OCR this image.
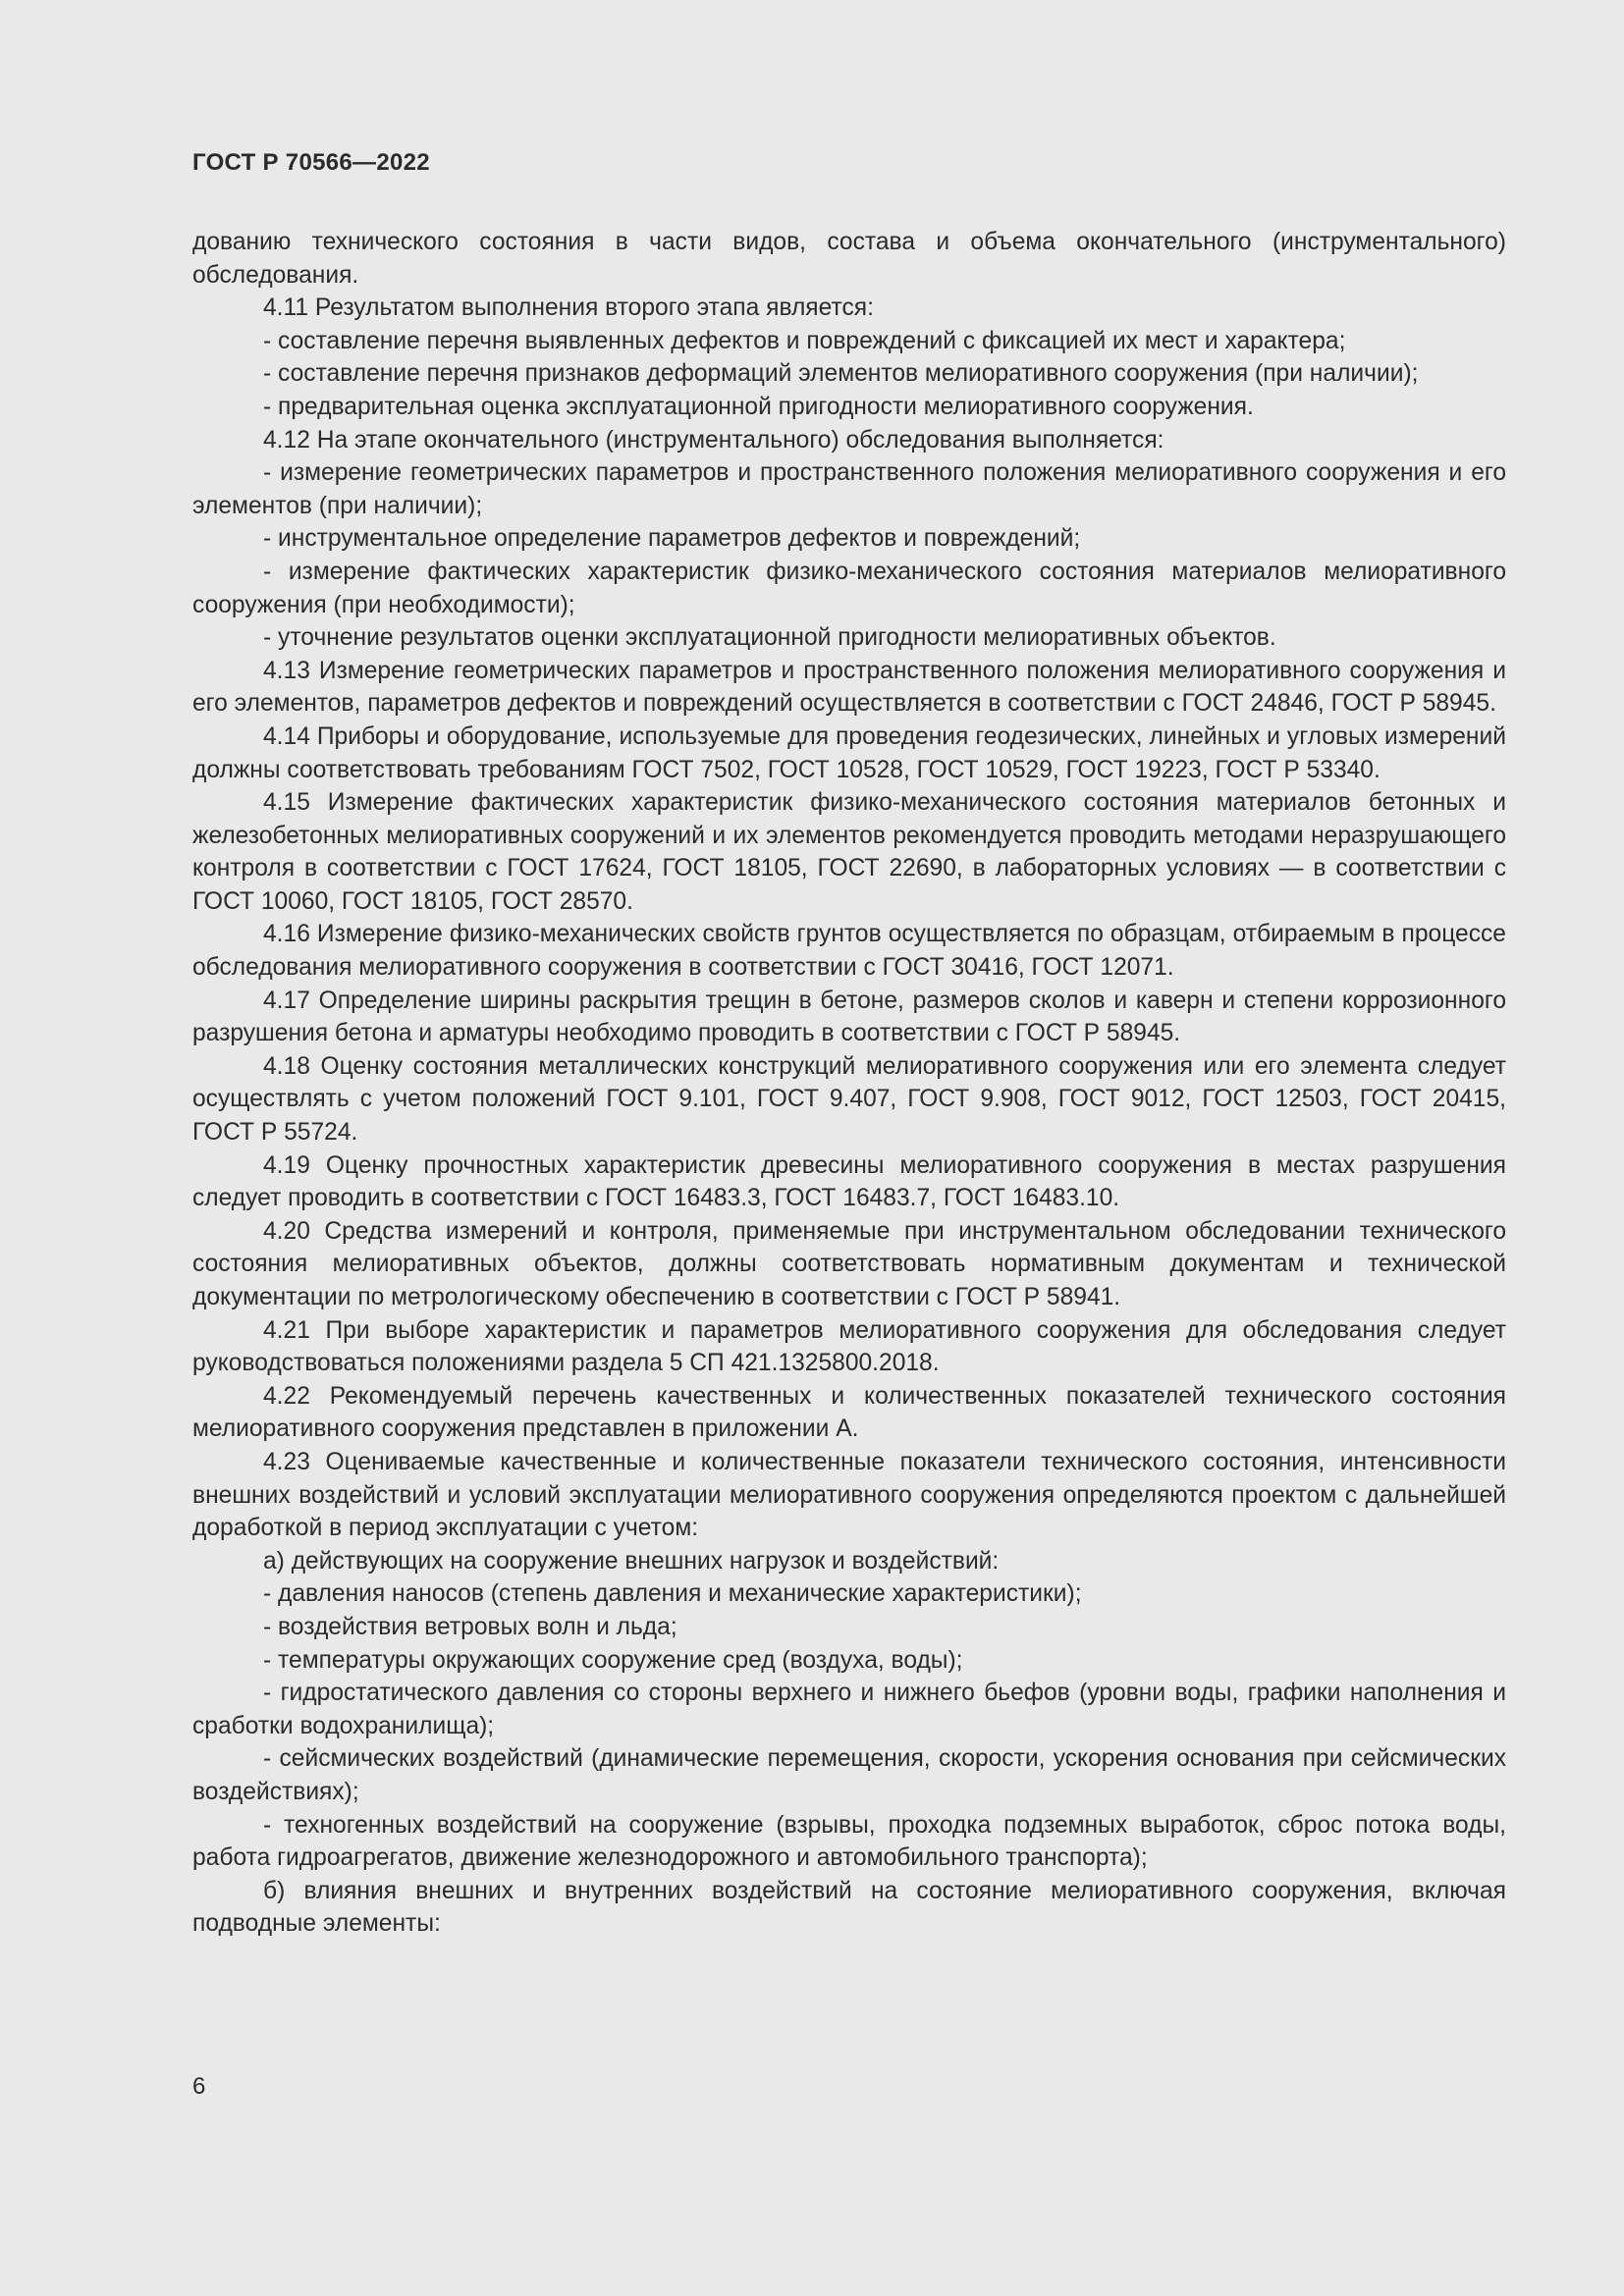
ГОСТ Р 70566—2022

дованию технического состояния в части видов, состава и объема окончательного (инструментального) обследования.

4.11 Результатом выполнения второго этапа является:

- составление перечня выявленных дефектов и повреждений с фиксацией их мест и характера;

- составление перечня признаков деформаций элементов мелиоративного сооружения (при наличии);

- предварительная оценка эксплуатационной пригодности мелиоративного сооружения.

4.12 На этапе окончательного (инструментального) обследования выполняется:

- измерение геометрических параметров и пространственного положения мелиоративного сооружения и его элементов (при наличии);

- инструментальное определение параметров дефектов и повреждений;

- измерение фактических характеристик физико-механического состояния материалов мелиоративного сооружения (при необходимости);

- уточнение результатов оценки эксплуатационной пригодности мелиоративных объектов.

4.13 Измерение геометрических параметров и пространственного положения мелиоративного сооружения и его элементов, параметров дефектов и повреждений осуществляется в соответствии с ГОСТ 24846, ГОСТ Р 58945.

4.14 Приборы и оборудование, используемые для проведения геодезических, линейных и угловых измерений должны соответствовать требованиям ГОСТ 7502, ГОСТ 10528, ГОСТ 10529, ГОСТ 19223, ГОСТ Р 53340.

4.15 Измерение фактических характеристик физико-механического состояния материалов бетонных и железобетонных мелиоративных сооружений и их элементов рекомендуется проводить методами неразрушающего контроля в соответствии с ГОСТ 17624, ГОСТ 18105, ГОСТ 22690, в лабораторных условиях — в соответствии с ГОСТ 10060, ГОСТ 18105, ГОСТ 28570.

4.16 Измерение физико-механических свойств грунтов осуществляется по образцам, отбираемым в процессе обследования мелиоративного сооружения в соответствии с ГОСТ 30416, ГОСТ 12071.

4.17 Определение ширины раскрытия трещин в бетоне, размеров сколов и каверн и степени коррозионного разрушения бетона и арматуры необходимо проводить в соответствии с ГОСТ Р 58945.

4.18 Оценку состояния металлических конструкций мелиоративного сооружения или его элемента следует осуществлять с учетом положений ГОСТ 9.101, ГОСТ 9.407, ГОСТ 9.908, ГОСТ 9012, ГОСТ 12503, ГОСТ 20415, ГОСТ Р 55724.

4.19 Оценку прочностных характеристик древесины мелиоративного сооружения в местах разрушения следует проводить в соответствии с ГОСТ 16483.3, ГОСТ 16483.7, ГОСТ 16483.10.

4.20 Средства измерений и контроля, применяемые при инструментальном обследовании технического состояния мелиоративных объектов, должны соответствовать нормативным документам и технической документации по метрологическому обеспечению в соответствии с ГОСТ Р 58941.

4.21 При выборе характеристик и параметров мелиоративного сооружения для обследования следует руководствоваться положениями раздела 5 СП 421.1325800.2018.

4.22 Рекомендуемый перечень качественных и количественных показателей технического состояния мелиоративного сооружения представлен в приложении А.

4.23 Оцениваемые качественные и количественные показатели технического состояния, интенсивности внешних воздействий и условий эксплуатации мелиоративного сооружения определяются проектом с дальнейшей доработкой в период эксплуатации с учетом:

а) действующих на сооружение внешних нагрузок и воздействий:

- давления наносов (степень давления и механические характеристики);

- воздействия ветровых волн и льда;

- температуры окружающих сооружение сред (воздуха, воды);

- гидростатического давления со стороны верхнего и нижнего бьефов (уровни воды, графики наполнения и сработки водохранилища);

- сейсмических воздействий (динамические перемещения, скорости, ускорения основания при сейсмических воздействиях);

- техногенных воздействий на сооружение (взрывы, проходка подземных выработок, сброс потока воды, работа гидроагрегатов, движение железнодорожного и автомобильного транспорта);

б) влияния внешних и внутренних воздействий на состояние мелиоративного сооружения, включая подводные элементы:

6
